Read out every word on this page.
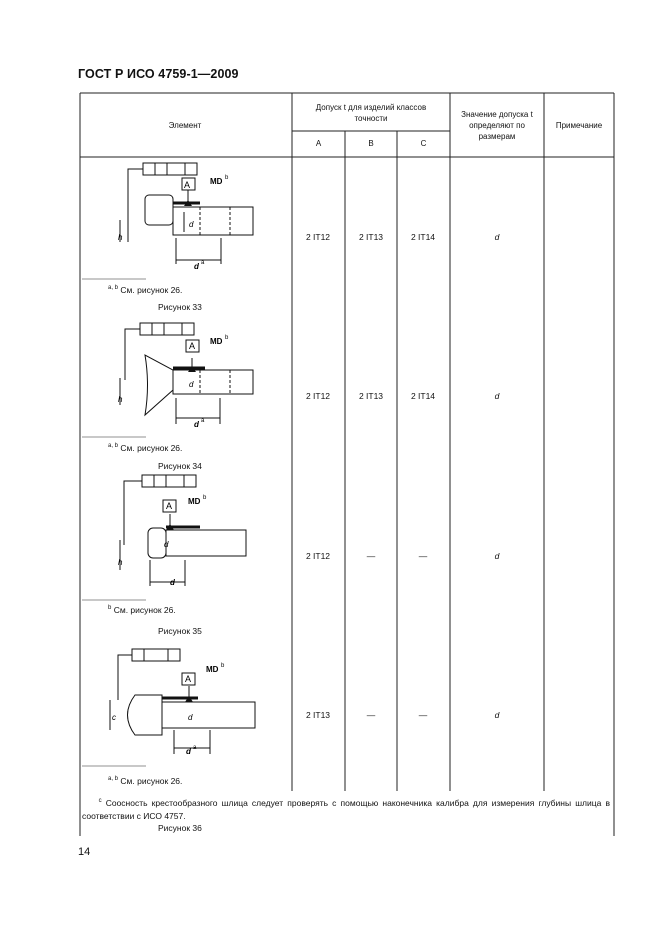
ГОСТ Р ИСО 4759-1—2009
Элемент
Допуск t для изделий классов точности
A	B	C
Значение допуска t определяют по размерам
Примечание
A MD b
d
d a
h
A MD b
d
d a
h
A MD b
d
d
h
A
MD b
d
d a
c
$^{a, b}$ См. рисунок 26.
Рисунок 33
2 IT12	2 IT13	2 IT14	d
$^{a, b}$ См. рисунок 26.
Рисунок 34
2 IT12	2 IT13	2 IT14	d
$^b$ См. рисунок 26.
Рисунок 35
2 IT12	—	—	d
$^{a, b}$ См. рисунок 26.
2 IT13	—	—	d
$^c$ Соосность крестообразного шлица следует проверять с помощью наконечника калибра для измерения глубины шлица в соответствии с ИСО 4757.
Рисунок 36
14
